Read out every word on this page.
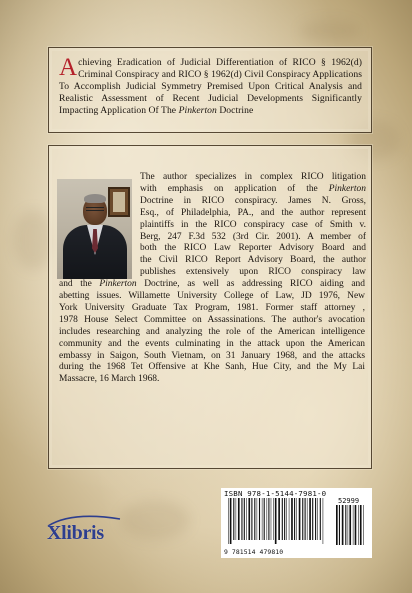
Achieving Eradication of Judicial Differentiation of RICO § 1962(d) Criminal Conspiracy and RICO § 1962(d) Civil Conspiracy Applications To Accomplish Judicial Symmetry Premised Upon Critical Analysis and Realistic Assessment of Recent Judicial Developments Significantly Impacting Application Of The Pinkerton Doctrine

The author specializes in complex RICO litigation
with emphasis on application of the Pinkerton
Doctrine in RICO conspiracy. James N. Gross,
Esq., of Philadelphia, PA., and the author represent
plaintiffs in the RICO conspiracy case of Smith v.
Berg, 247 F.3d 532 (3rd Cir. 2001). A member of
both the RICO Law Reporter Advisory Board and
the Civil RICO Report Advisory Board, the author
publishes extensively upon RICO conspiracy law
and the Pinkerton Doctrine, as well as addressing RICO aiding and
abetting issues. Willamette University College of Law, JD 1976, New
York University Graduate Tax Program, 1981. Former staff attorney ,
1978 House Select Committee on Assassinations. The author's avocation
includes researching and analyzing the role of the American intelligence
community and the events culminating in the attack upon the American
embassy in Saigon, South Vietnam, on 31 January 1968, and the attacks
during the 1968 Tet Offensive at Khe Sanh, Hue City, and the My Lai
Massacre, 16 March 1968.
ISBN 978-1-5144-7981-0
52999
9 781514 479810
Xlibris
